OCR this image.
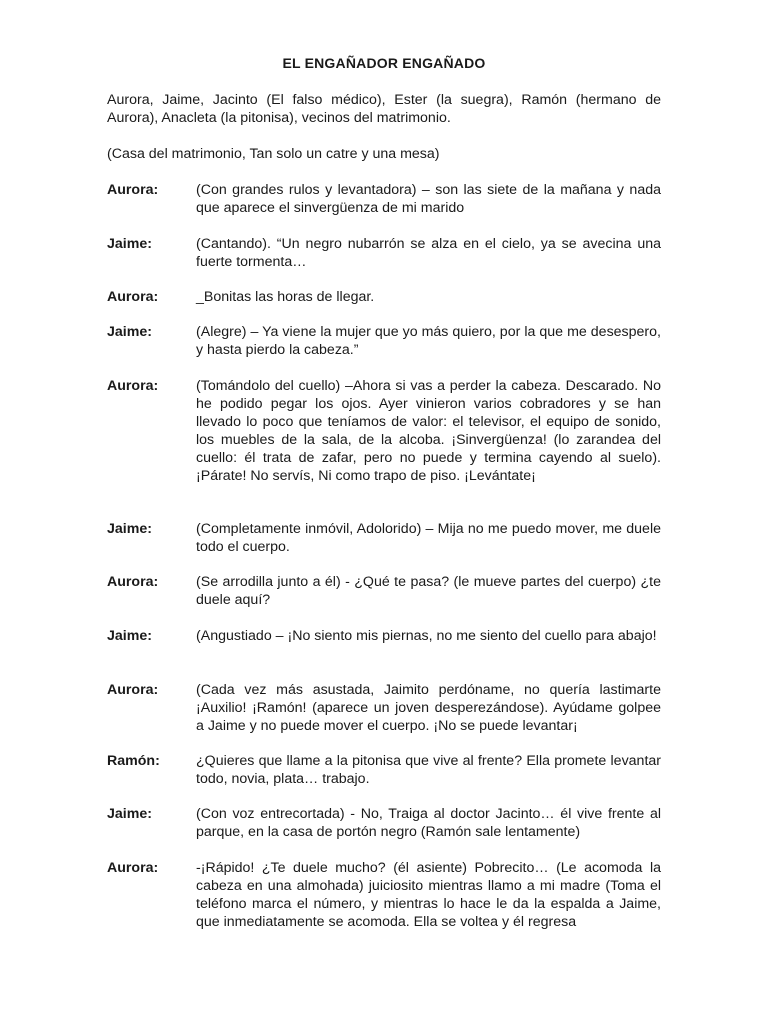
EL ENGAÑADOR ENGAÑADO
Aurora, Jaime, Jacinto (El falso médico), Ester (la suegra), Ramón (hermano de Aurora), Anacleta (la pitonisa), vecinos del matrimonio.
(Casa del matrimonio, Tan solo un catre y una mesa)
Aurora:	(Con grandes rulos y levantadora) – son las siete de la mañana y nada que aparece el sinvergüenza de mi marido
Jaime:	(Cantando). “Un negro nubarrón se alza en el cielo, ya se avecina una fuerte tormenta…
Aurora:	_Bonitas las horas de llegar.
Jaime:	(Alegre) – Ya viene la mujer que yo más quiero, por la que me desespero, y hasta pierdo la cabeza.”
Aurora:	(Tomándolo del cuello) –Ahora si vas a perder la cabeza. Descarado. No he podido pegar los ojos. Ayer vinieron varios cobradores y se han llevado lo poco que teníamos de valor: el televisor, el equipo de sonido, los muebles de la sala, de la alcoba. ¡Sinvergüenza! (lo zarandea del cuello: él trata de zafar, pero no puede y termina cayendo al suelo). ¡Párate! No servís, Ni como trapo de piso. ¡Levántate¡
Jaime:	(Completamente inmóvil, Adolorido) – Mija no me puedo mover, me duele todo el cuerpo.
Aurora:	(Se arrodilla junto a él) - ¿Qué te pasa? (le mueve partes del cuerpo) ¿te duele aquí?
Jaime:	(Angustiado – ¡No siento mis piernas, no me siento del cuello para abajo!
Aurora:	(Cada vez más asustada, Jaimito perdóname, no quería lastimarte ¡Auxilio! ¡Ramón! (aparece un joven desperezándose). Ayúdame golpee a Jaime y no puede mover el cuerpo. ¡No se puede levantar¡
Ramón:	¿Quieres que llame a la pitonisa que vive al frente? Ella promete levantar todo, novia, plata… trabajo.
Jaime:	(Con voz entrecortada) - No, Traiga al doctor Jacinto… él vive frente al parque, en la casa de portón negro (Ramón sale lentamente)
Aurora:	-¡Rápido! ¿Te duele mucho? (él asiente) Pobrecito… (Le acomoda la cabeza en una almohada) juiciosito mientras llamo a mi madre (Toma el teléfono marca el número, y mientras lo hace le da la espalda a Jaime, que inmediatamente se acomoda. Ella se voltea y él regresa
